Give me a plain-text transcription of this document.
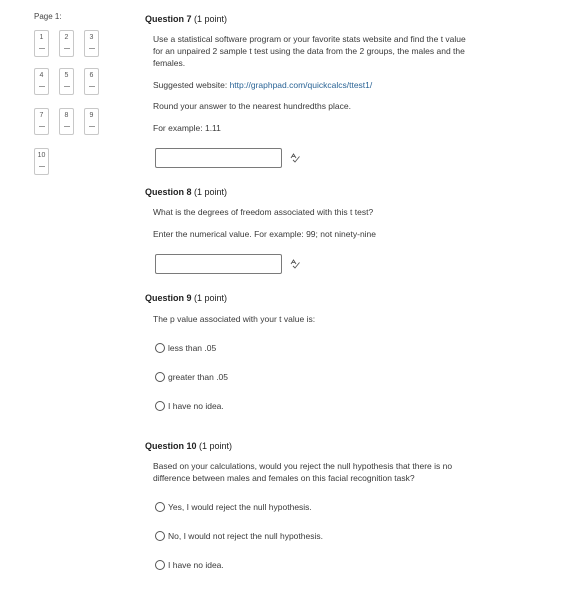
Page 1:
1	2	3
4	5	6
7	8	9
10
Question 7 (1 point)

Use a statistical software program or your favorite stats website and find the t value

for an unpaired 2 sample t test using the data from the 2 groups, the males and the

females.

Suggested website: http://graphpad.com/quickcalcs/ttest1/

Round your answer to the nearest hundredths place.

For example: 1.11

Question 8 (1 point)

What is the degrees of freedom associated with this t test?

Enter the numerical value. For example: 99; not ninety-nine

Question 9 (1 point)

The p value associated with your t value is:

less than .05
greater than .05
I have no idea.
Question 10 (1 point)

Based on your calculations, would you reject the null hypothesis that there is no

difference between males and females on this facial recognition task?

Yes, I would reject the null hypothesis.
No, I would not reject the null hypothesis.
I have no idea.
